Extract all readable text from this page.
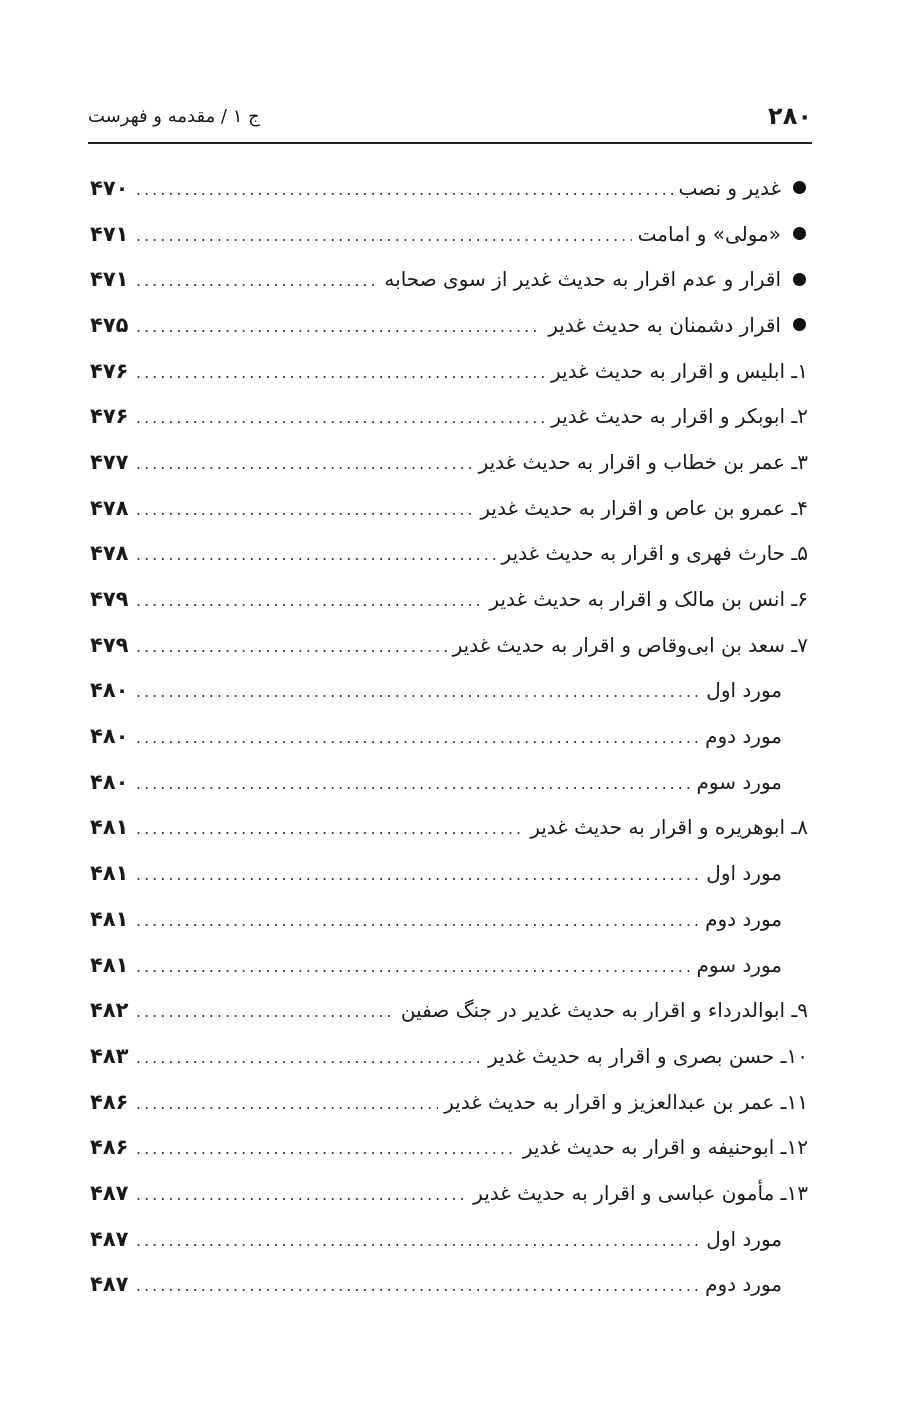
۲۸۰
ج ۱ / مقدمه و فهرست
غدیر و نصب
.....
۴۷۰
«مولی» و امامت
.....
۴۷۱
اقرار و عدم اقرار به حدیث غدیر از سوی صحابه
.....
۴۷۱
اقرار دشمنان به حدیث غدیر
.....
۴۷۵
۱ـ ابلیس و اقرار به حدیث غدیر
.....
۴۷۶
۲ـ ابوبکر و اقرار به حدیث غدیر
.....
۴۷۶
۳ـ عمر بن خطاب و اقرار به حدیث غدیر
.....
۴۷۷
۴ـ عمرو بن عاص و اقرار به حدیث غدیر
.....
۴۷۸
۵ـ حارث فهری و اقرار به حدیث غدیر
.....
۴۷۸
۶ـ انس بن مالک و اقرار به حدیث غدیر
.....
۴۷۹
۷ـ سعد بن ابی‌وقاص و اقرار به حدیث غدیر
.....
۴۷۹
مورد اول
.....
۴۸۰
مورد دوم
.....
۴۸۰
مورد سوم
.....
۴۸۰
۸ـ ابوهریره و اقرار به حدیث غدیر
.....
۴۸۱
مورد اول
.....
۴۸۱
مورد دوم
.....
۴۸۱
مورد سوم
.....
۴۸۱
۹ـ ابوالدرداء و اقرار به حدیث غدیر در جنگ صفین
.....
۴۸۲
۱۰ـ حسن بصری و اقرار به حدیث غدیر
.....
۴۸۳
۱۱ـ عمر بن عبدالعزیز و اقرار به حدیث غدیر
.....
۴۸۶
۱۲ـ ابوحنیفه و اقرار به حدیث غدیر
.....
۴۸۶
۱۳ـ مأمون عباسی و اقرار به حدیث غدیر
.....
۴۸۷
مورد اول
.....
۴۸۷
مورد دوم
.....
۴۸۷
